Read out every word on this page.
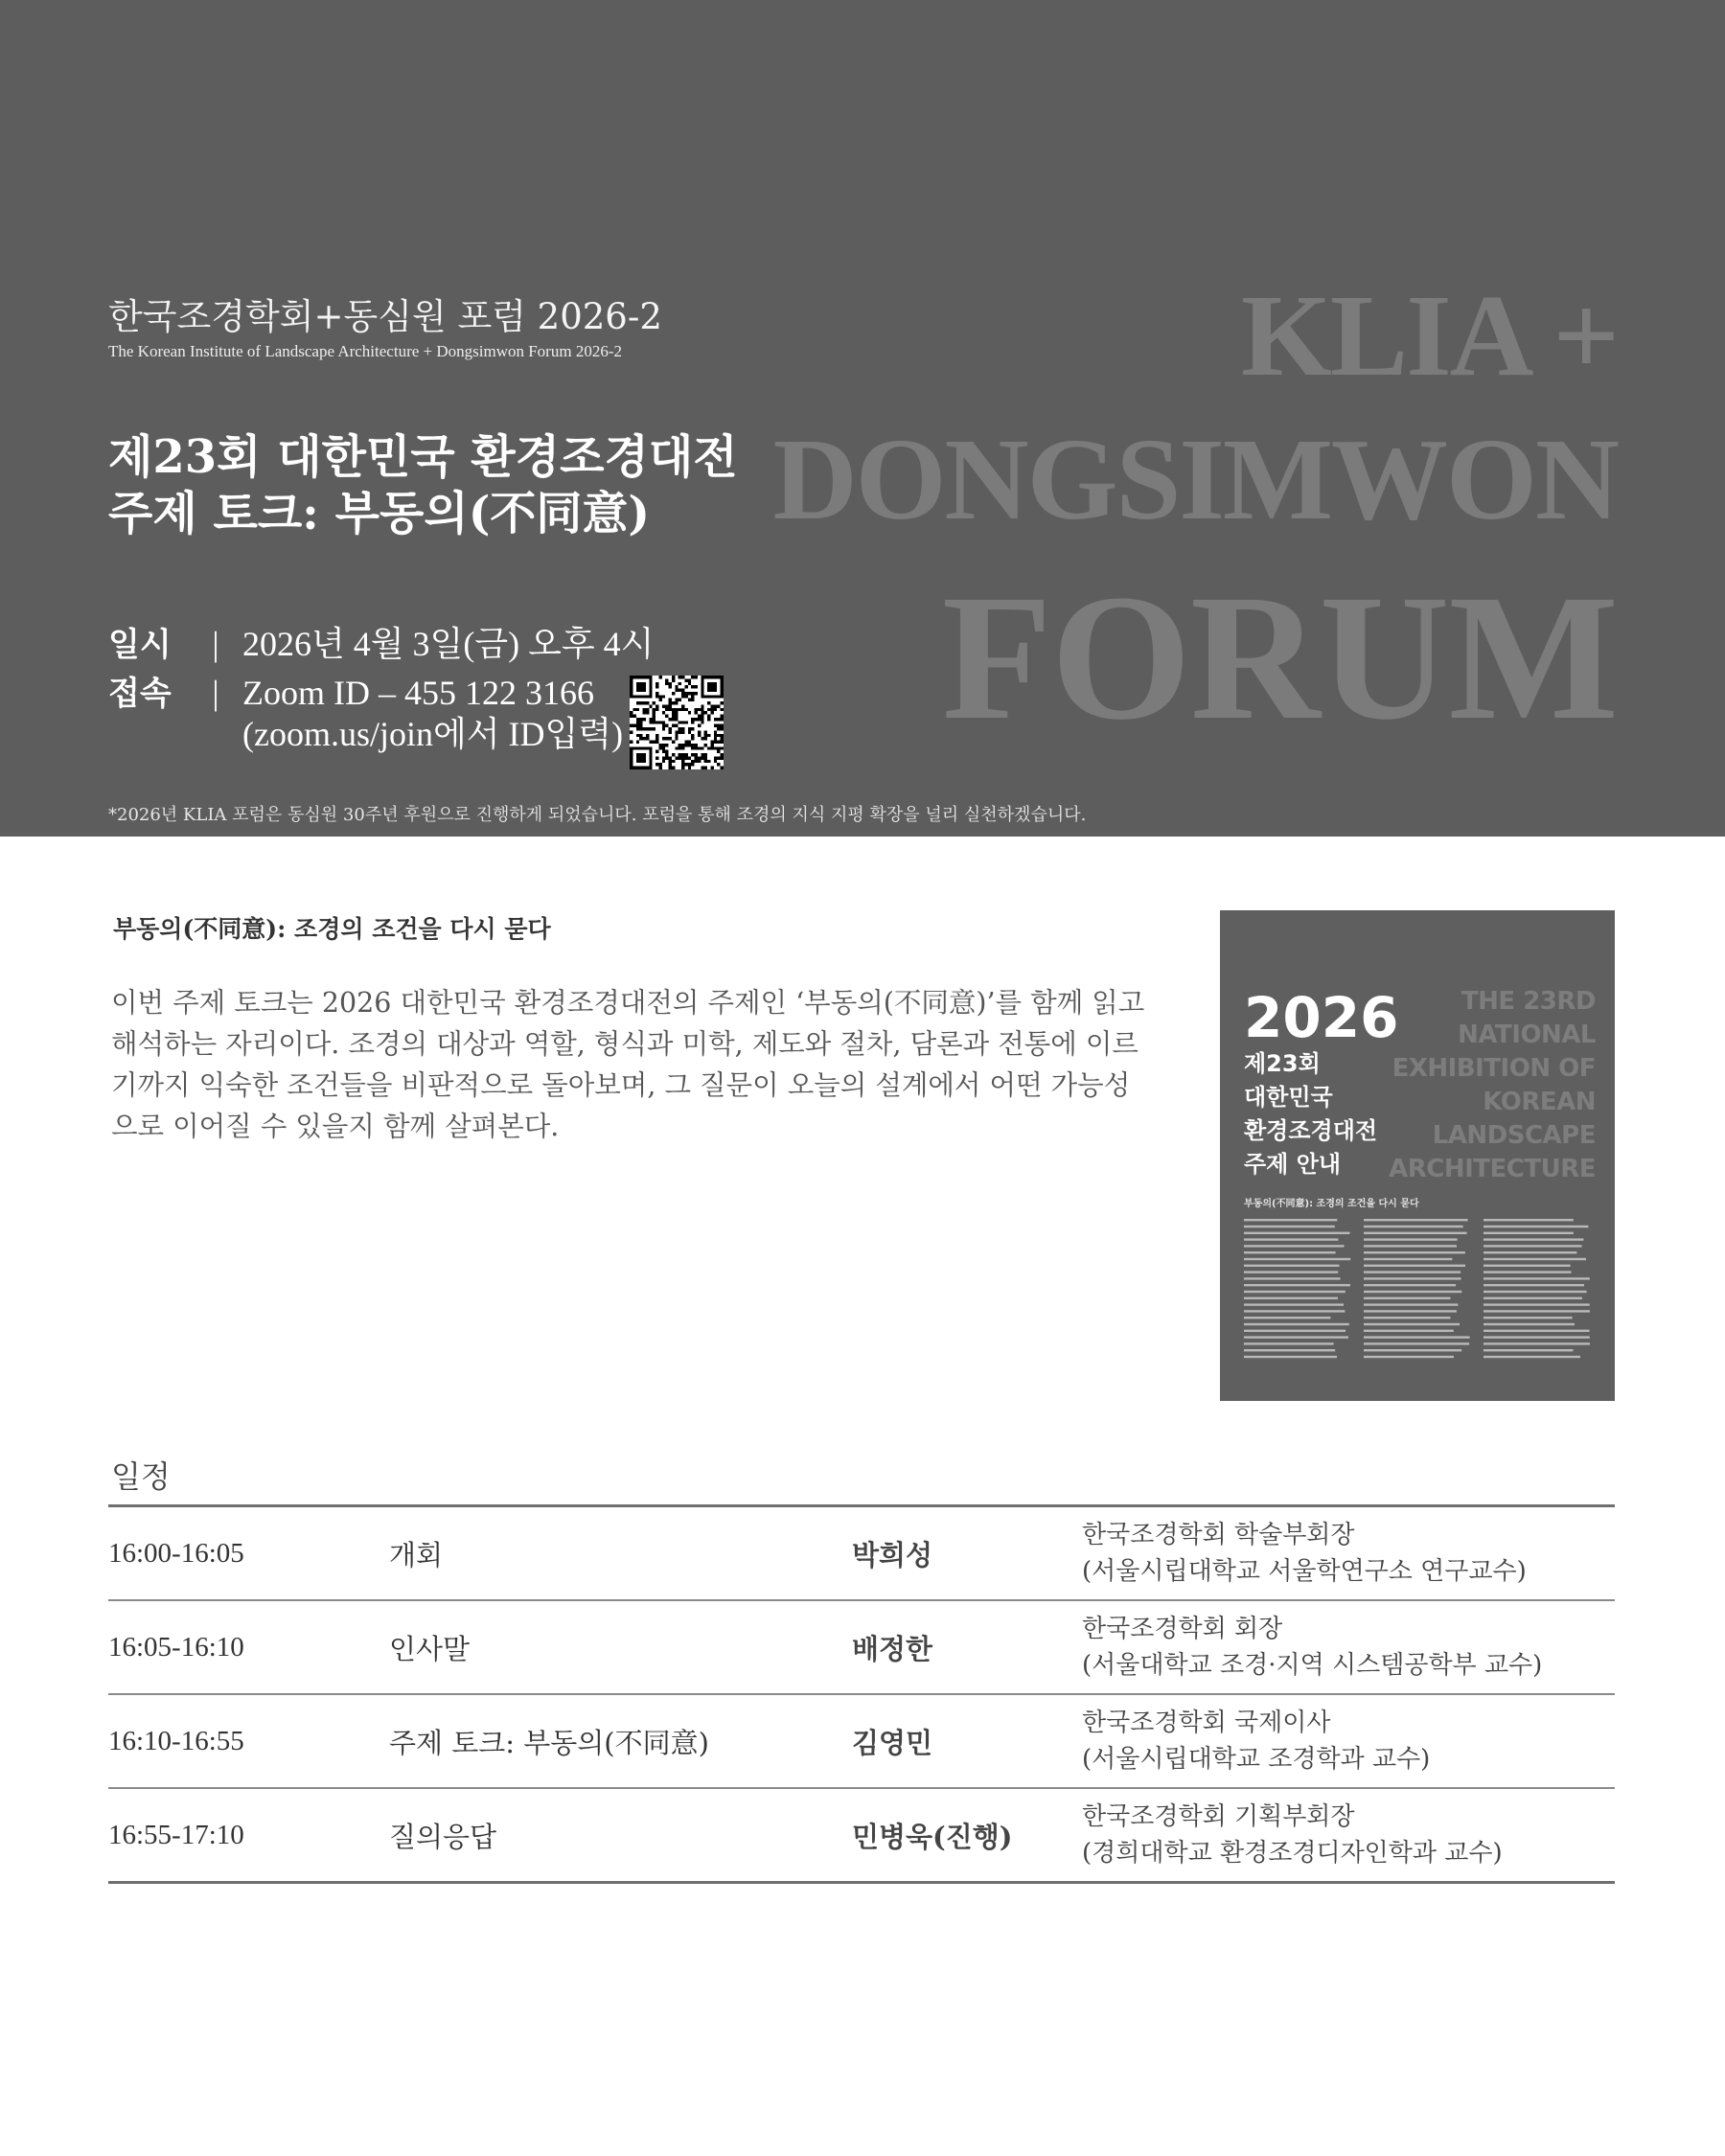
KLIA +
DONGSIMWON
FORUM
한국조경학회+동심원 포럼 2026-2
The Korean Institute of Landscape Architecture + Dongsimwon Forum 2026-2
제23회 대한민국 환경조경대전
주제 토크: 부동의(不同意)
일시 | 2026년 4월 3일(금) 오후 4시
접속 | Zoom ID – 455 122 3166
(zoom.us/join에서 ID입력)
*2026년 KLIA 포럼은 동심원 30주년 후원으로 진행하게 되었습니다. 포럼을 통해 조경의 지식 지평 확장을 널리 실천하겠습니다.
부동의(不同意): 조경의 조건을 다시 묻다

이번 주제 토크는 2026 대한민국 환경조경대전의 주제인 ‘부동의(不同意)’를 함께 읽고 해석하는 자리이다. 조경의 대상과 역할, 형식과 미학, 제도와 절차, 담론과 전통에 이르기까지 익숙한 조건들을 비판적으로 돌아보며, 그 질문이 오늘의 설계에서 어떤 가능성으로 이어질 수 있을지 함께 살펴본다.

2026	THE 23RD
NATIONAL
EXHIBITION OF
KOREAN
LANDSCAPE
ARCHITECTURE
제23회
대한민국
환경조경대전
주제 안내
부동의(不同意): 조경의 조건을 다시 묻다
일정
16:00-16:05	개회	박희성
한국조경학회 학술부회장
(서울시립대학교 서울학연구소 연구교수)
16:05-16:10	인사말	배정한
한국조경학회 회장
(서울대학교 조경·지역 시스템공학부 교수)
16:10-16:55	주제 토크: 부동의(不同意)	김영민
한국조경학회 국제이사
(서울시립대학교 조경학과 교수)
16:55-17:10	질의응답	민병욱(진행)
한국조경학회 기획부회장
(경희대학교 환경조경디자인학과 교수)
